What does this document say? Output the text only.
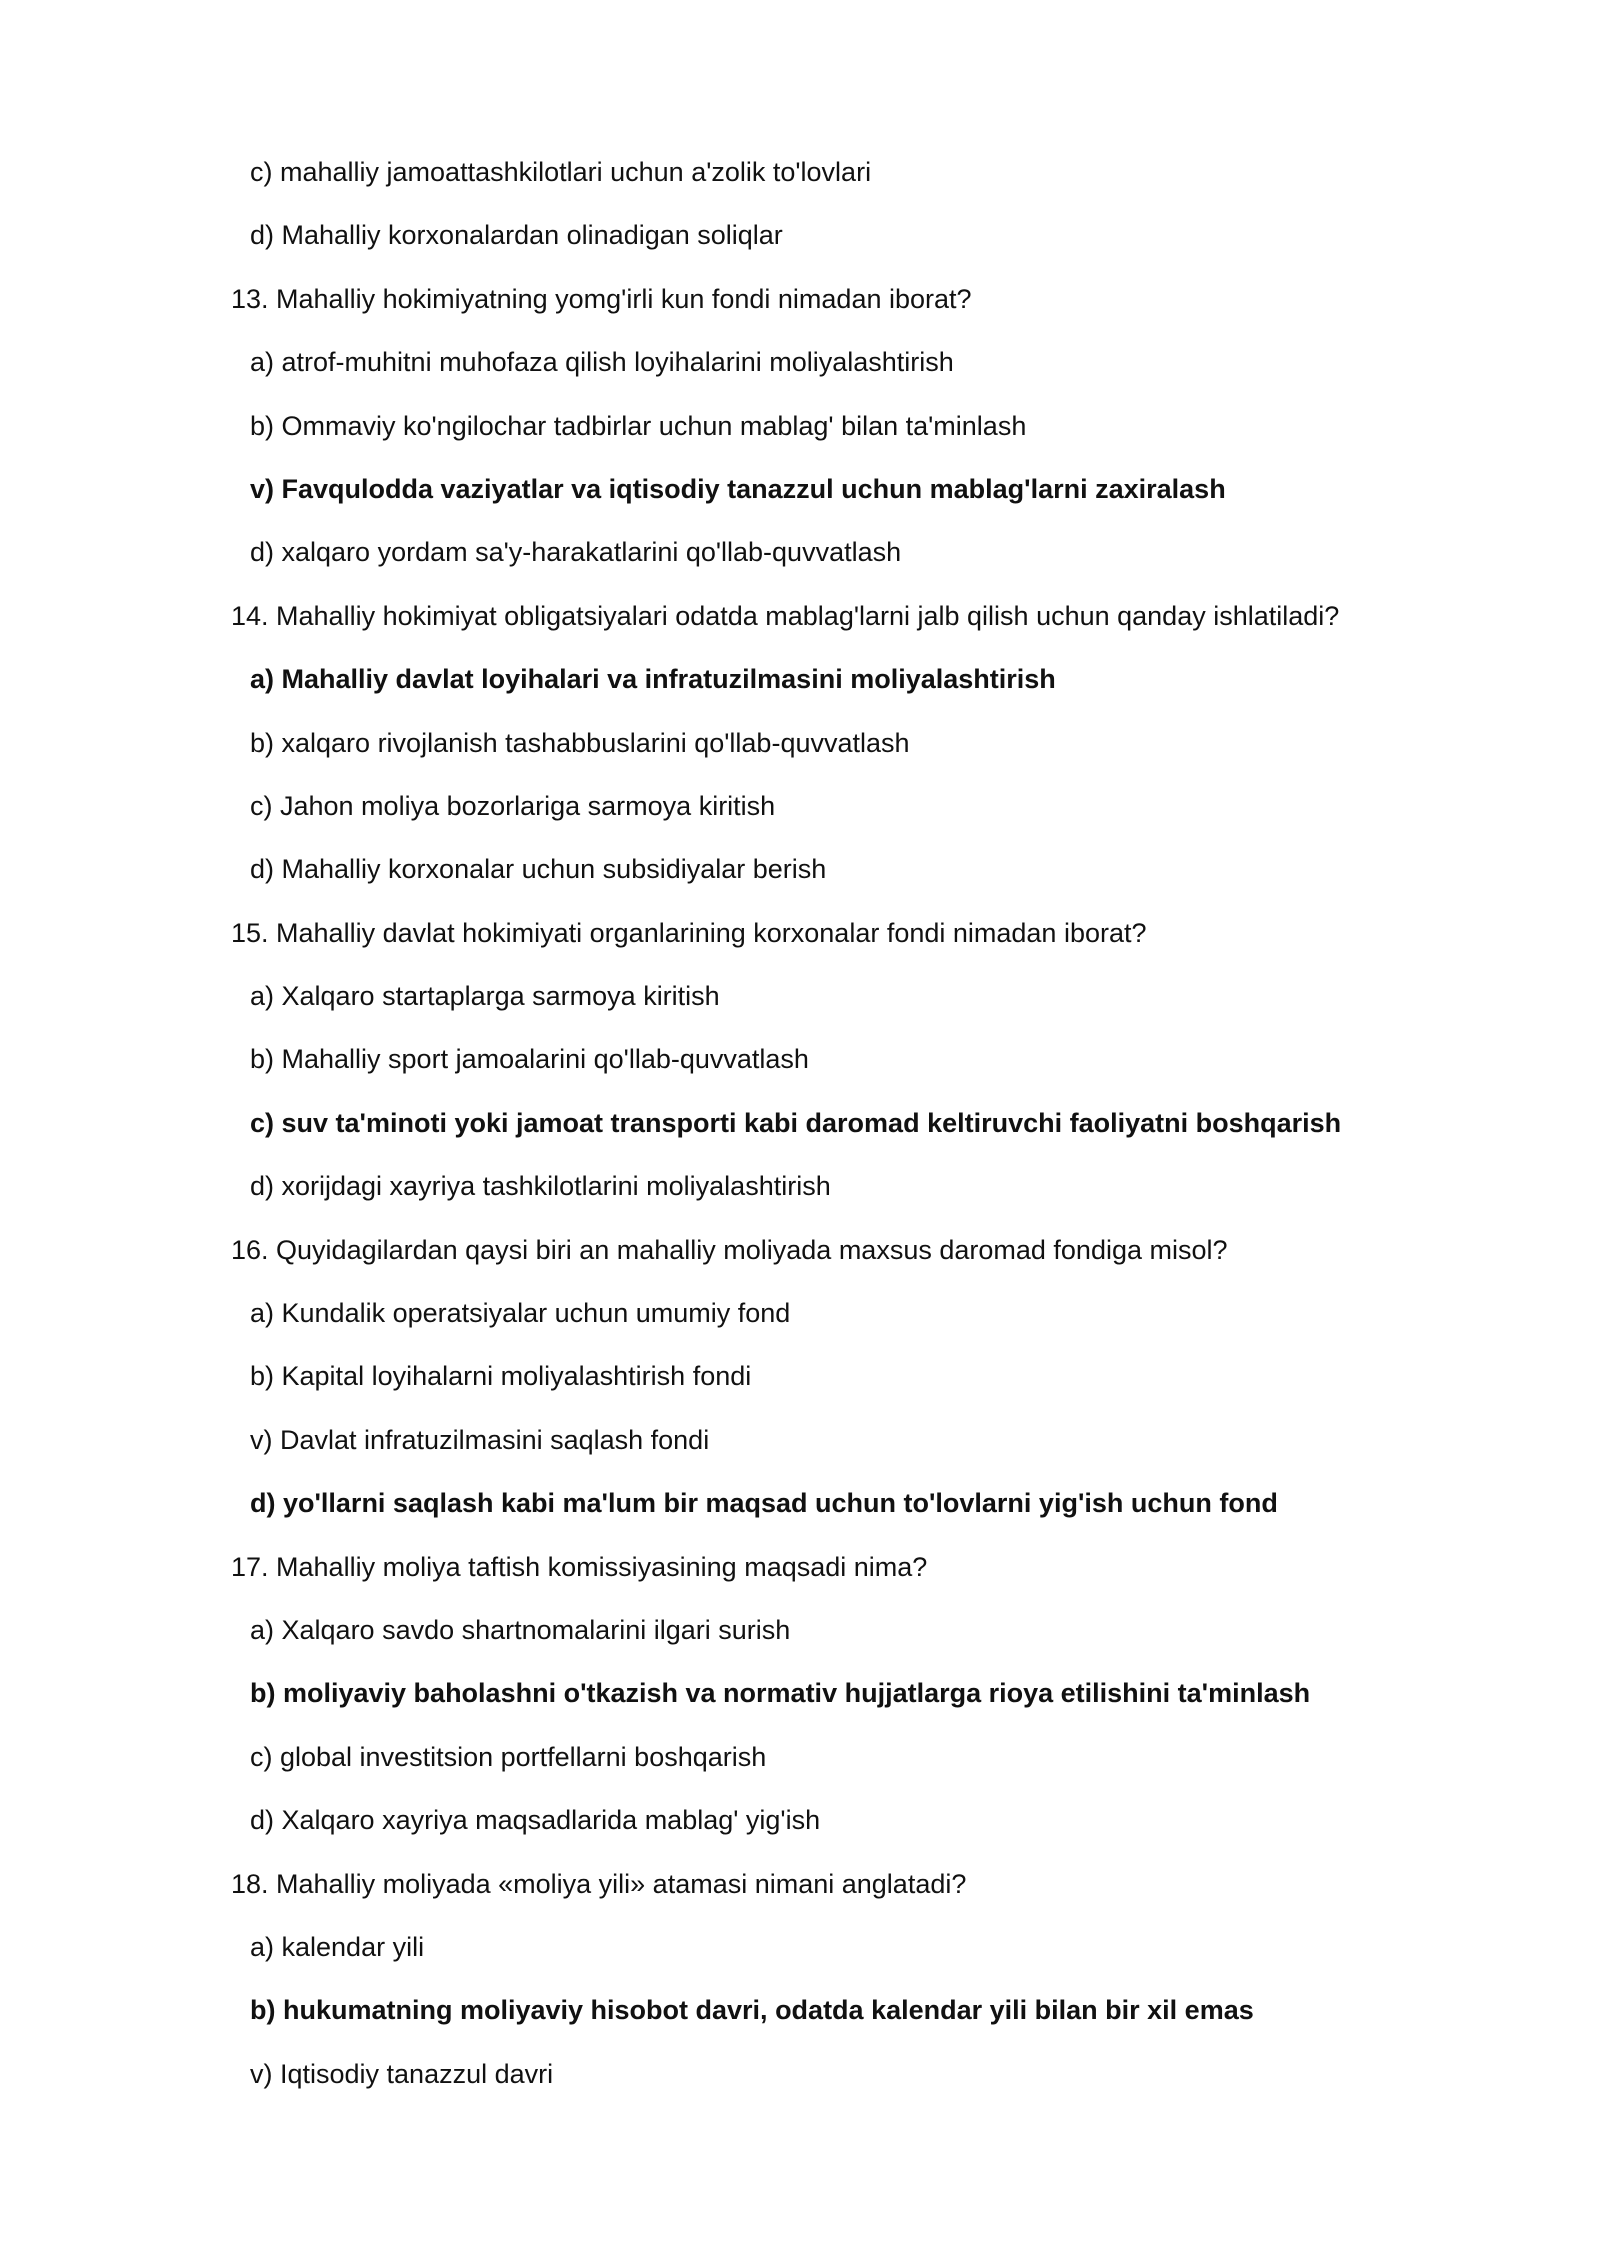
c) mahalliy jamoattashkilotlari uchun a'zolik to'lovlari
d) Mahalliy korxonalardan olinadigan soliqlar
13. Mahalliy hokimiyatning yomg'irli kun fondi nimadan iborat?
a) atrof-muhitni muhofaza qilish loyihalarini moliyalashtirish
b) Ommaviy ko'ngilochar tadbirlar uchun mablag' bilan ta'minlash
v) Favqulodda vaziyatlar va iqtisodiy tanazzul uchun mablag'larni zaxiralash
d) xalqaro yordam sa'y-harakatlarini qo'llab-quvvatlash
14. Mahalliy hokimiyat obligatsiyalari odatda mablag'larni jalb qilish uchun qanday ishlatiladi?
a) Mahalliy davlat loyihalari va infratuzilmasini moliyalashtirish
b) xalqaro rivojlanish tashabbuslarini qo'llab-quvvatlash
c) Jahon moliya bozorlariga sarmoya kiritish
d) Mahalliy korxonalar uchun subsidiyalar berish
15. Mahalliy davlat hokimiyati organlarining korxonalar fondi nimadan iborat?
a) Xalqaro startaplarga sarmoya kiritish
b) Mahalliy sport jamoalarini qo'llab-quvvatlash
c) suv ta'minoti yoki jamoat transporti kabi daromad keltiruvchi faoliyatni boshqarish
d) xorijdagi xayriya tashkilotlarini moliyalashtirish
16. Quyidagilardan qaysi biri an mahalliy moliyada maxsus daromad fondiga misol?
a) Kundalik operatsiyalar uchun umumiy fond
b) Kapital loyihalarni moliyalashtirish fondi
v) Davlat infratuzilmasini saqlash fondi
d) yo'llarni saqlash kabi ma'lum bir maqsad uchun to'lovlarni yig'ish uchun fond
17. Mahalliy moliya taftish komissiyasining maqsadi nima?
a) Xalqaro savdo shartnomalarini ilgari surish
b) moliyaviy baholashni o'tkazish va normativ hujjatlarga rioya etilishini ta'minlash
c) global investitsion portfellarni boshqarish
d) Xalqaro xayriya maqsadlarida mablag' yig'ish
18. Mahalliy moliyada «moliya yili» atamasi nimani anglatadi?
a) kalendar yili
b) hukumatning moliyaviy hisobot davri, odatda kalendar yili bilan bir xil emas
v) Iqtisodiy tanazzul davri
